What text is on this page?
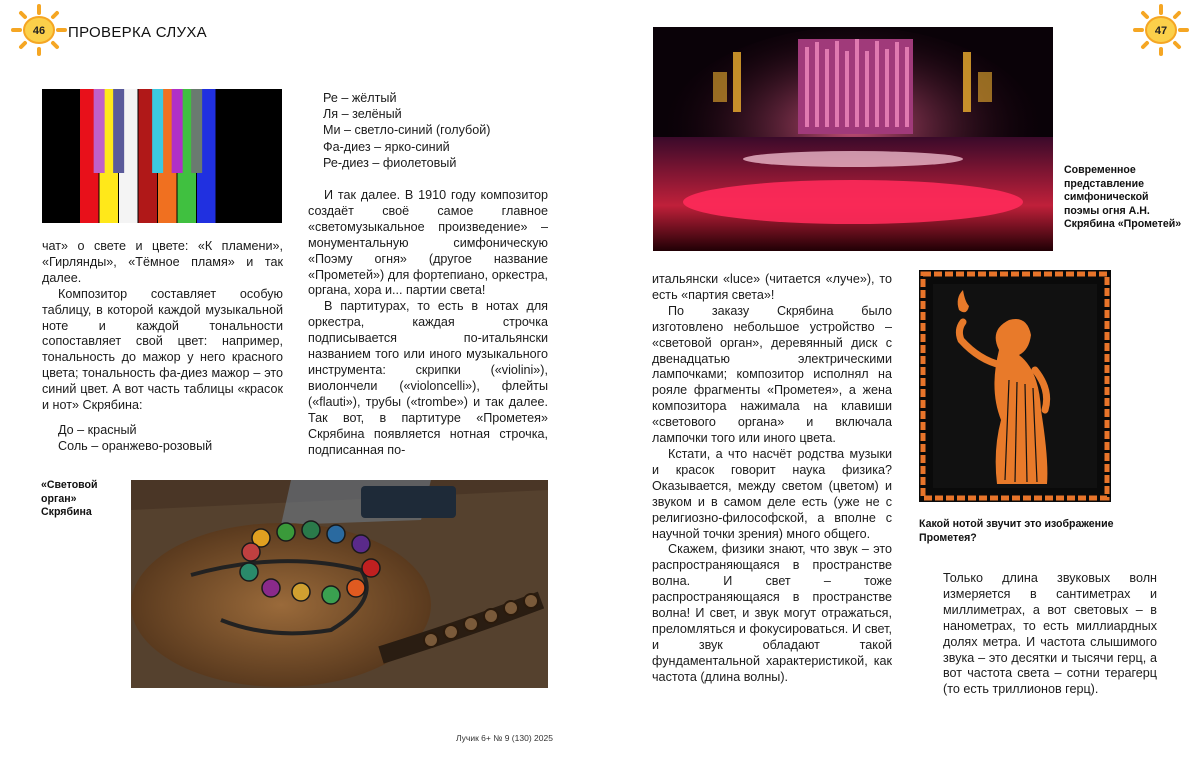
46	ПРОВЕРКА СЛУХА	47

чат» о свете и цвете: «К пламени», «Гирлянды», «Тёмное пламя» и так далее.

Композитор составляет особую таблицу, в которой каждой музыкальной ноте и каждой тональности сопоставляет свой цвет: например, тональность до мажор у него красного цвета; тональность фа-диез мажор – это синий цвет. А вот часть таблицы «красок и нот» Скрябина:

До – красный
Соль – оранжево-розовый
Ре – жёлтый
Ля – зелёный
Ми – светло-синий (голубой)
Фа-диез – ярко-синий
Ре-диез – фиолетовый

И так далее. В 1910 году композитор создаёт своё самое главное «светомузыкальное произведение» – монументальную симфоническую «Поэму огня» (другое название «Прометей») для фортепиано, оркестра, органа, хора и... партии света!

В партитурах, то есть в нотах для оркестра, каждая строчка подписывается по-итальянски названием того или иного музыкального инструмента: скрипки («violini»), виолончели («violoncelli»), флейты («flauti»), трубы («trombe») и так далее. Так вот, в партитуре «Прометея» Скрябина появляется нотная строчка, подписанная по-

«Световой орган» Скрябина
Современное представление симфонической поэмы огня А.Н. Скрябина «Прометей»
Какой нотой звучит это изображение Прометея?

итальянски «luce» (читается «луче»), то есть «партия света»!

По заказу Скрябина было изготовлено небольшое устройство – «световой орган», деревянный диск с двенадцатью электрическими лампочками; композитор исполнял на рояле фрагменты «Прометея», а жена композитора нажимала на клавиши «светового органа» и включала лампочки того или иного цвета.

Кстати, а что насчёт родства музыки и красок говорит наука физика? Оказывается, между светом (цветом) и звуком и в самом деле есть (уже не с религиозно-философской, а вполне с научной точки зрения) много общего.

Скажем, физики знают, что звук – это распространяющаяся в пространстве волна. И свет – тоже распространяющаяся в пространстве волна! И свет, и звук могут отражаться, преломляться и фокусироваться. И свет, и звук обладают такой фундаментальной характеристикой, как частота (длина волны).

Только длина звуковых волн измеряется в сантиметрах и миллиметрах, а вот световых – в нанометрах, то есть миллиардных долях метра. И частота слышимого звука – это десятки и тысячи герц, а вот частота света – сотни терагерц (то есть триллионов герц).

Лучик 6+ № 9 (130) 2025
